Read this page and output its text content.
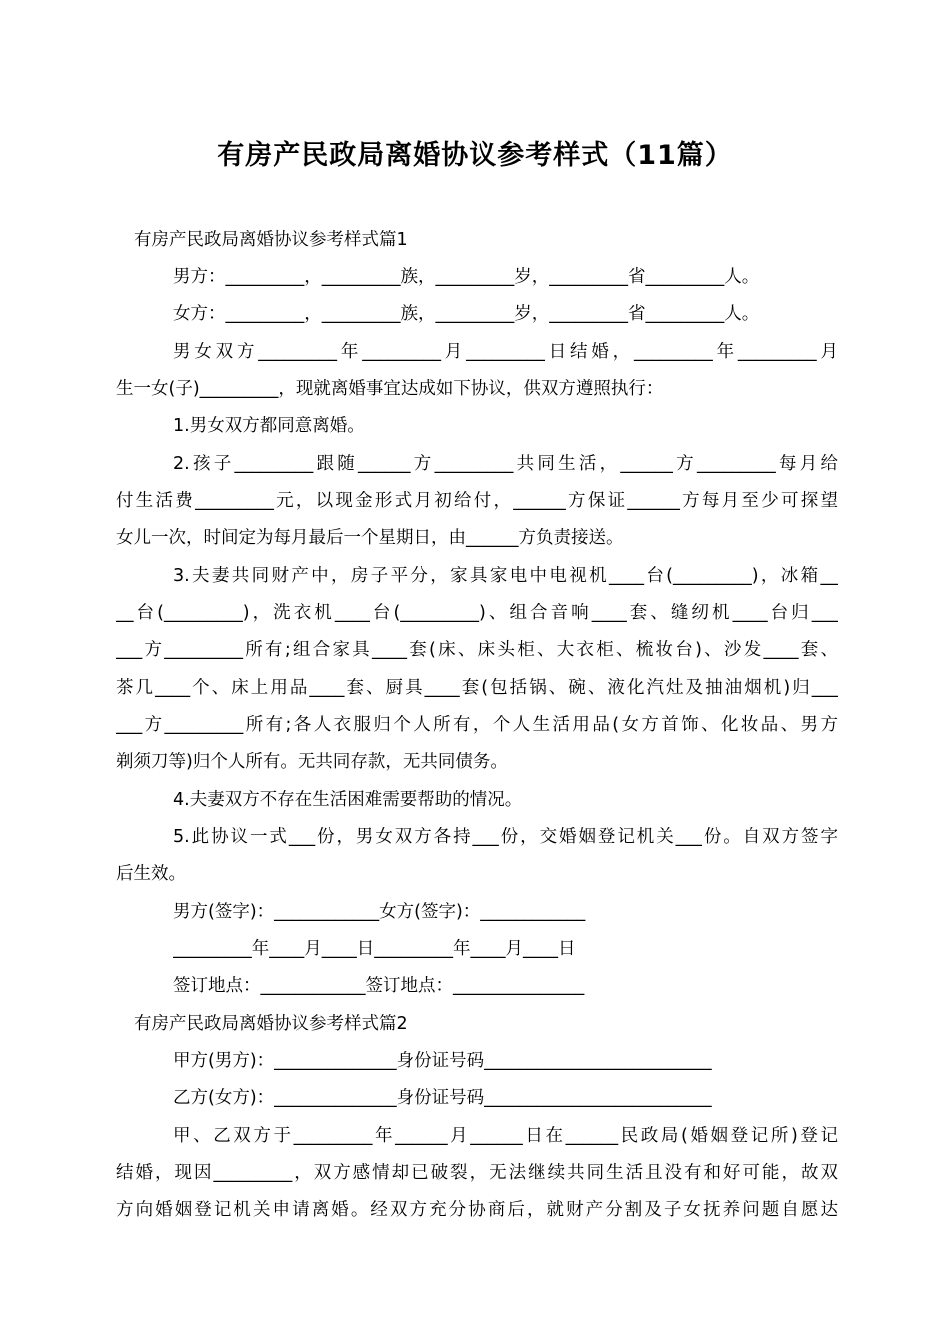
有房产民政局离婚协议参考样式（11篇）
有房产民政局离婚协议参考样式篇1
男方：_________，_________族，_________岁，_________省_________人。
女方：_________，_________族，_________岁，_________省_________人。
男女双方_________年_________月_________日结婚，_________年_________月
生一女(子)_________，现就离婚事宜达成如下协议，供双方遵照执行：
1.男女双方都同意离婚。
2.孩子_________跟随______方_________共同生活，______方_________每月给
付生活费_________元，以现金形式月初给付，______方保证______方每月至少可探望
女儿一次，时间定为每月最后一个星期日，由______方负责接送。
3.夫妻共同财产中，房子平分，家具家电中电视机____台(_________)，冰箱__
__台(_________)，洗衣机____台(_________)、组合音响____套、缝纫机____台归___
___方_________所有;组合家具____套(床、床头柜、大衣柜、梳妆台)、沙发____套、
茶几____个、床上用品____套、厨具____套(包括锅、碗、液化汽灶及抽油烟机)归___
___方_________所有;各人衣服归个人所有，个人生活用品(女方首饰、化妆品、男方
剃须刀等)归个人所有。无共同存款，无共同债务。
4.夫妻双方不存在生活困难需要帮助的情况。
5.此协议一式___份，男女双方各持___份，交婚姻登记机关___份。自双方签字
后生效。
男方(签字)：____________女方(签字)：____________
_________年____月____日_________年____月____日
签订地点：____________签订地点：_______________
有房产民政局离婚协议参考样式篇2
甲方(男方)：______________身份证号码__________________________
乙方(女方)：______________身份证号码__________________________
甲、乙双方于_________年______月______日在______民政局(婚姻登记所)登记
结婚，现因_________，双方感情却已破裂，无法继续共同生活且没有和好可能，故双
方向婚姻登记机关申请离婚。经双方充分协商后，就财产分割及子女抚养问题自愿达
